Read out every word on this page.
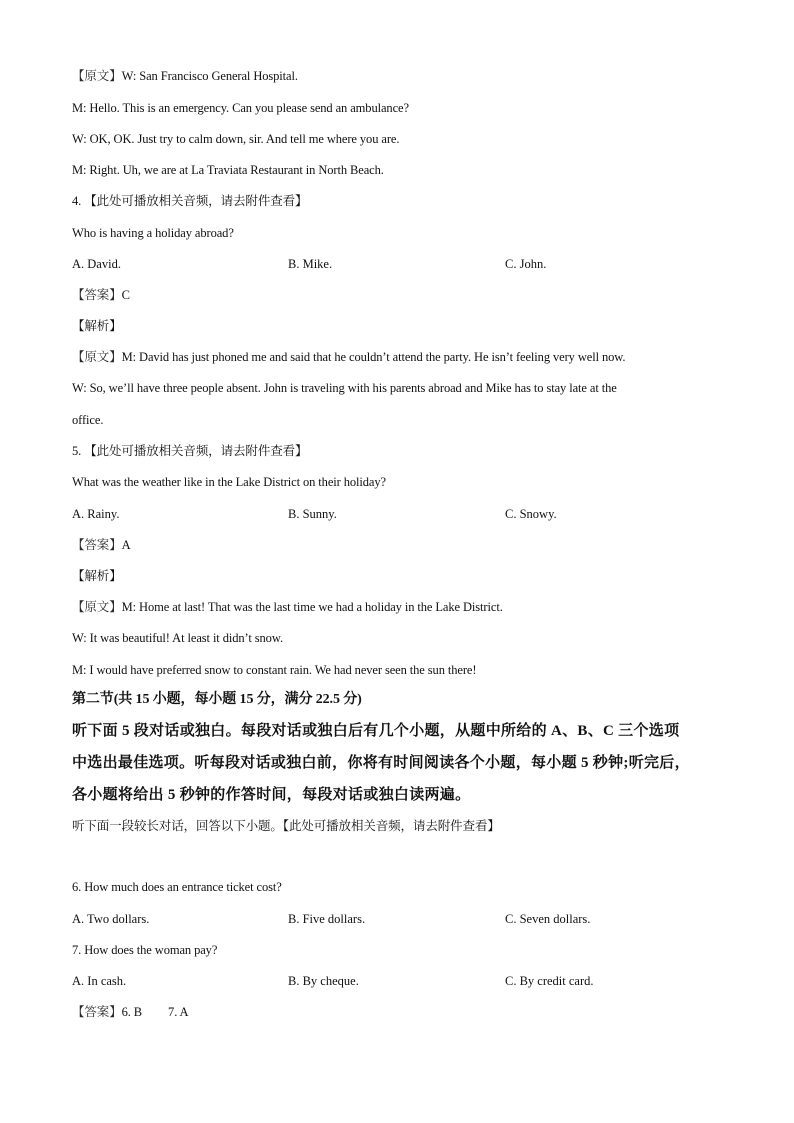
【原文】W: San Francisco General Hospital.
M: Hello. This is an emergency. Can you please send an ambulance?
W: OK, OK. Just try to calm down, sir. And tell me where you are.
M: Right. Uh, we are at La Traviata Restaurant in North Beach.
4. 【此处可播放相关音频，请去附件查看】
Who is having a holiday abroad?
A. David.	B. Mike.	C. John.
【答案】C
【解析】
【原文】M: David has just phoned me and said that he couldn’t attend the party. He isn’t feeling very well now.
W: So, we’ll have three people absent. John is traveling with his parents abroad and Mike has to stay late at the
office.
5. 【此处可播放相关音频，请去附件查看】
What was the weather like in the Lake District on their holiday?
A. Rainy.	B. Sunny.	C. Snowy.
【答案】A
【解析】
【原文】M: Home at last! That was the last time we had a holiday in the Lake District.
W: It was beautiful! At least it didn’t snow.
M: I would have preferred snow to constant rain. We had never seen the sun there!
第二节(共 15 小题，每小题 15 分，满分 22.5 分)
听下面 5 段对话或独白。每段对话或独白后有几个小题，从题中所给的 A、B、C 三个选项
中选出最佳选项。听每段对话或独白前，你将有时间阅读各个小题，每小题 5 秒钟;听完后，
各小题将给出 5 秒钟的作答时间，每段对话或独白读两遍。
听下面一段较长对话，回答以下小题。【此处可播放相关音频，请去附件查看】
6. How much does an entrance ticket cost?
A. Two dollars.	B. Five dollars.	C. Seven dollars.
7. How does the woman pay?
A. In cash.	B. By cheque.	C. By credit card.
【答案】6. B 7. A
